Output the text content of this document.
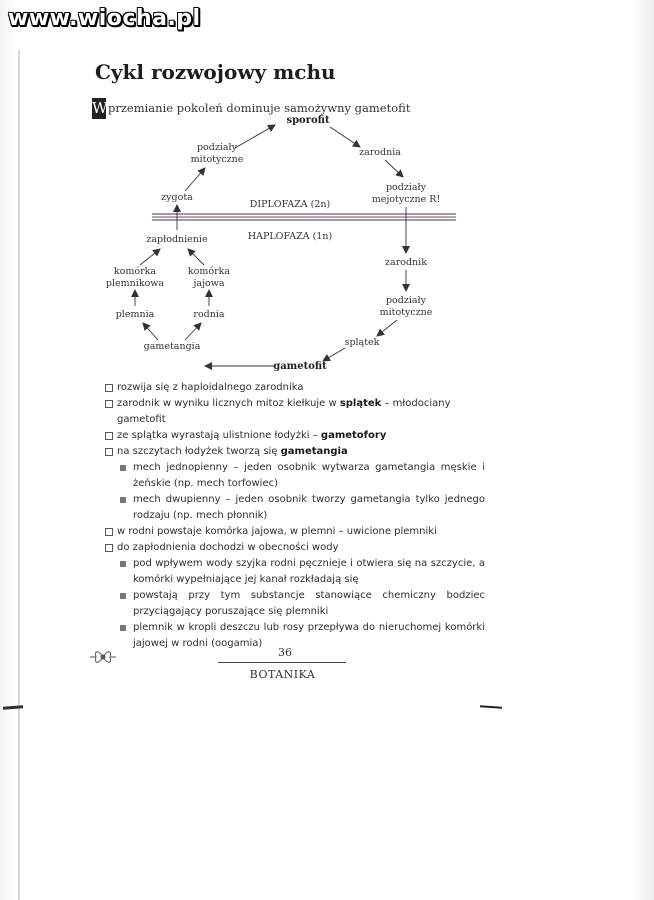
www.wiocha.pl
Cykl rozwojowy mchu
W przemianie pokoleń dominuje samożywny gametofit
sporofit
podziały
mitotyczne
zarodnia
podziały
mejotyczne R!
zygota
DIPLOFAZA (2n)
HAPLOFAZA (1n)
zapłodnienie
zarodnik
komórka
plemnikowa
komórka
jajowa
podziały
mitotyczne
plemnia	rodnia
splątek
gametangia
gametofit
rozwija się z haploidalnego zarodnika
zarodnik w wyniku licznych mitoz kiełkuje w splątek – młodociany gametofit
ze splątka wyrastają ulistnione łodyżki – gametofory
na szczytach łodyżek tworzą się gametangia
mech jednopienny – jeden osobnik wytwarza gametangia męskie i żeńskie (np. mech torfowiec)
mech dwupienny – jeden osobnik tworzy gametangia tylko jednego rodzaju (np. mech płonnik)
w rodni powstaje komórka jajowa, w plemni – uwicione plemniki
do zapłodnienia dochodzi w obecności wody
pod wpływem wody szyjka rodni pęcznieje i otwiera się na szczycie, a komórki wypełniające jej kanał rozkładają się
powstają przy tym substancje stanowiące chemiczny bodziec przyciągający poruszające się plemniki
plemnik w kropli deszczu lub rosy przepływa do nieruchomej komórki jajowej w rodni (oogamia)
36
BOTANIKA
